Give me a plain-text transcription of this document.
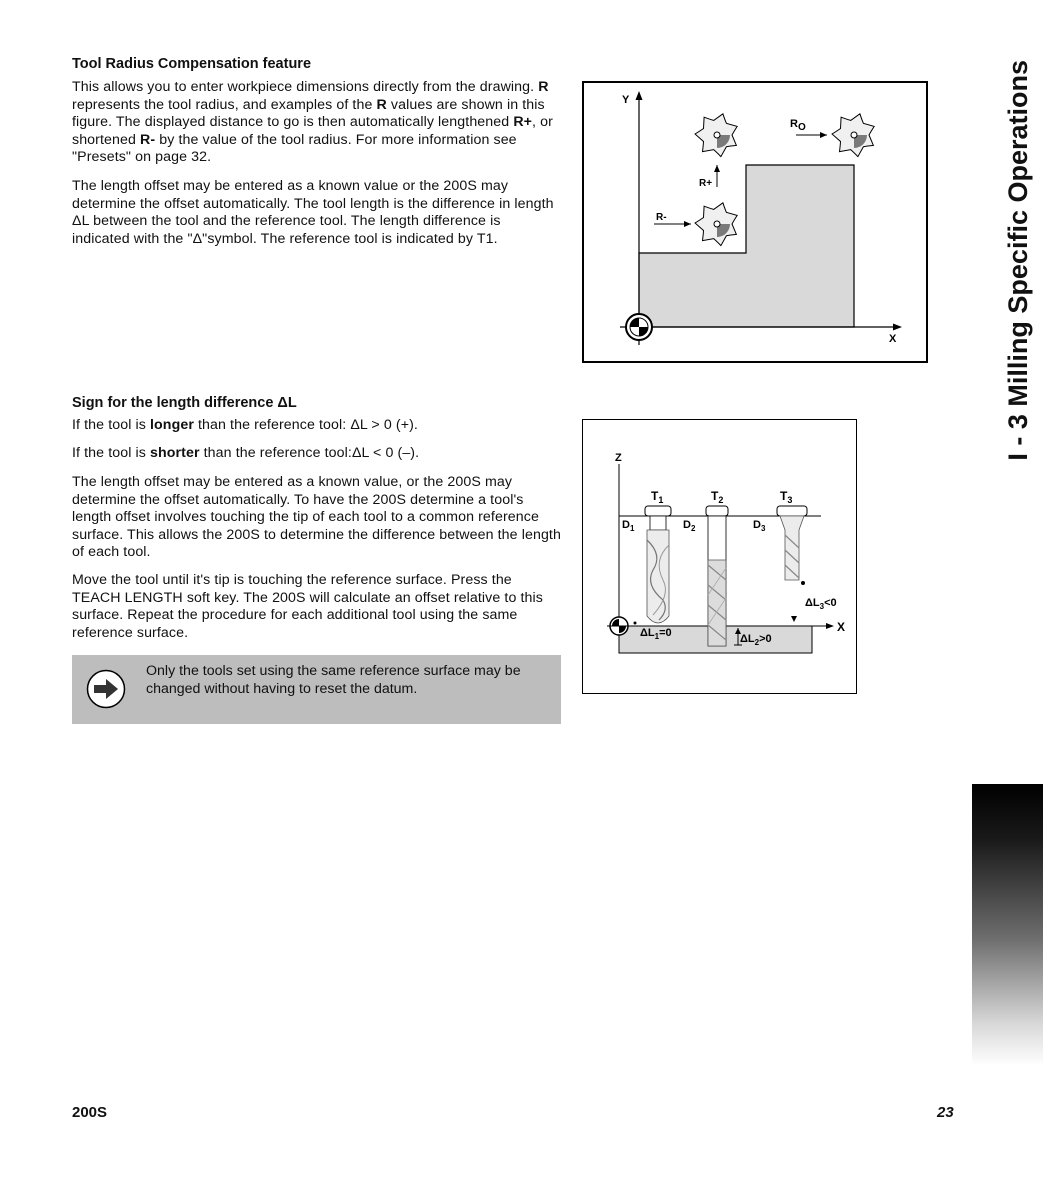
Tool Radius Compensation feature

This allows you to enter workpiece dimensions directly from the drawing. R represents the tool radius, and examples of the R values are shown in this figure. The displayed distance to go is then automatically lengthened R+, or shortened R- by the value of the tool radius. For more information see "Presets" on page 32.

The length offset may be entered as a known value or the 200S may determine the offset automatically. The tool length is the difference in length ΔL between the tool and the reference tool. The length difference is indicated with the "Δ"symbol. The reference tool is indicated by T1.

Y
X
R+
R-
RO
Sign for the length difference ΔL

If the tool is longer than the reference tool: ΔL > 0 (+).

If the tool is shorter than the reference tool:ΔL < 0 (–).

The length offset may be entered as a known value, or the 200S may determine the offset automatically. To have the 200S determine a tool's length offset involves touching the tip of each tool to a common reference surface. This allows the 200S to determine the difference between the length of each tool.

Move the tool until it's tip is touching the reference surface. Press the TEACH LENGTH soft key. The 200S will calculate an offset relative to this surface. Repeat the procedure for each additional tool using the same reference surface.

Z
X
$T_1$	$T_2$	$T_3$
$D_1$	$D_2$	$D_3$
$\Delta L_1=0$	$\Delta L_2>0$
$\Delta L_3<0$
Only the tools set using the same reference surface may be changed without having to reset the datum.
I - 3 Milling Specific Operations
200S	23
